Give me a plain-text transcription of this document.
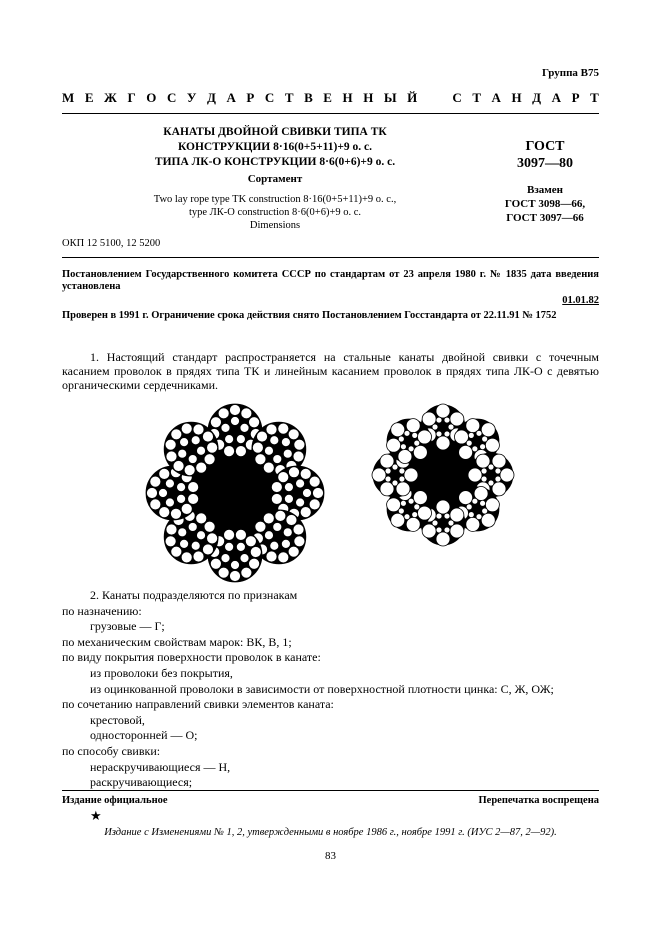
Группа В75
М Е Ж Г О С У Д А Р С Т В Е Н Н Ы Й	С Т А Н Д А Р Т
КАНАТЫ ДВОЙНОЙ СВИВКИ ТИПА ТК
КОНСТРУКЦИИ 8·16(0+5+11)+9 о. с.
ТИПА ЛК-О КОНСТРУКЦИИ 8·6(0+6)+9 о. с.
Сортамент
Two lay rope type TK construction 8·16(0+5+11)+9 o. c.,
type ЛК-O construction 8·6(0+6)+9 o. c.
Dimensions
ГОСТ
3097—80
Взамен
ГОСТ 3098—66,
ГОСТ 3097—66
ОКП 12 5100, 12 5200
Постановлением Государственного комитета СССР по стандартам от 23 апреля 1980 г. № 1835 дата введения установлена
01.01.82
Проверен в 1991 г. Ограничение срока действия снято Постановлением Госстандарта от 22.11.91 № 1752
1. Настоящий стандарт распространяется на стальные канаты двойной свивки с точечным касанием проволок в прядях типа ТК и линейным касанием проволок в прядях типа ЛК-О с девятью органическими сердечниками.
2. Канаты подразделяются по признакам
по назначению:
грузовые — Г;
по механическим свойствам марок: ВК, В, 1;
по виду покрытия поверхности проволок в канате:
из проволоки без покрытия,
из оцинкованной проволоки в зависимости от поверхностной плотности цинка: С, Ж, ОЖ;
по сочетанию направлений свивки элементов каната:
крестовой,
односторонней — О;
по способу свивки:
нераскручивающиеся — Н,
раскручивающиеся;
Издание официальное	Перепечатка воспрещена
★
Издание с Изменениями № 1, 2, утвержденными в ноябре 1986 г., ноябре 1991 г. (ИУС 2—87, 2—92).
83
